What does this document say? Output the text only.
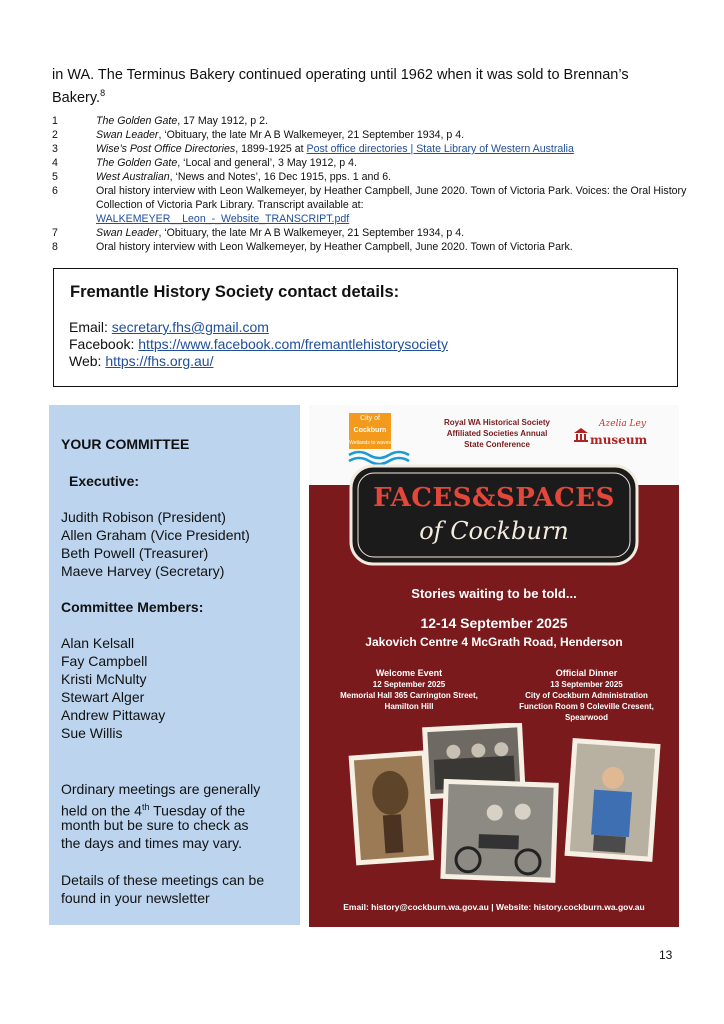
in WA. The Terminus Bakery continued operating until 1962 when it was sold to Brennan’s Bakery.$^8$
1	The Golden Gate, 17 May 1912, p 2.
2	Swan Leader, ‘Obituary, the late Mr A B Walkemeyer, 21 September 1934, p 4.
3	Wise’s Post Office Directories, 1899-1925 at Post office directories | State Library of Western Australia
4	The Golden Gate, ‘Local and general’, 3 May 1912, p 4.
5	West Australian, ‘News and Notes’, 16 Dec 1915, pps. 1 and 6.
6	Oral history interview with Leon Walkemeyer, by Heather Campbell, June 2020. Town of Victoria Park. Voices: the Oral History Collection of Victoria Park Library. Transcript available at:
WALKEMEYER__Leon_-_Website_TRANSCRIPT.pdf
7	Swan Leader, ‘Obituary, the late Mr A B Walkemeyer, 21 September 1934, p 4.
8	Oral history interview with Leon Walkemeyer, by Heather Campbell, June 2020. Town of Victoria Park.
Fremantle History Society contact details:
Email: secretary.fhs@gmail.com
Facebook: https://www.facebook.com/fremantlehistorysociety
Web: https://fhs.org.au/
YOUR COMMITTEE
Executive:
Judith Robison (President)
Allen Graham (Vice President)
Beth Powell (Treasurer)
Maeve Harvey (Secretary)
Committee Members:
Alan Kelsall
Fay Campbell
Kristi McNulty
Stewart Alger
Andrew Pittaway
Sue Willis
Ordinary meetings are generally
held on the 4th Tuesday of the
month but be sure to check as
the days and times may vary.
Details of these meetings can be
found in your newsletter
City of
Cockburn
Wetlands to waves
Royal WA Historical Society
Affiliated Societies Annual
State Conference
Azelia Ley
museum
FACES&SPACES
of Cockburn
Stories waiting to be told...
12-14 September 2025
Jakovich Centre 4 McGrath Road, Henderson
Welcome Event
12 September 2025
Memorial Hall 365 Carrington Street,
Hamilton Hill
Official Dinner
13 September 2025
City of Cockburn Administration
Function Room 9 Coleville Cresent,
Spearwood
Email: history@cockburn.wa.gov.au | Website: history.cockburn.wa.gov.au
13
